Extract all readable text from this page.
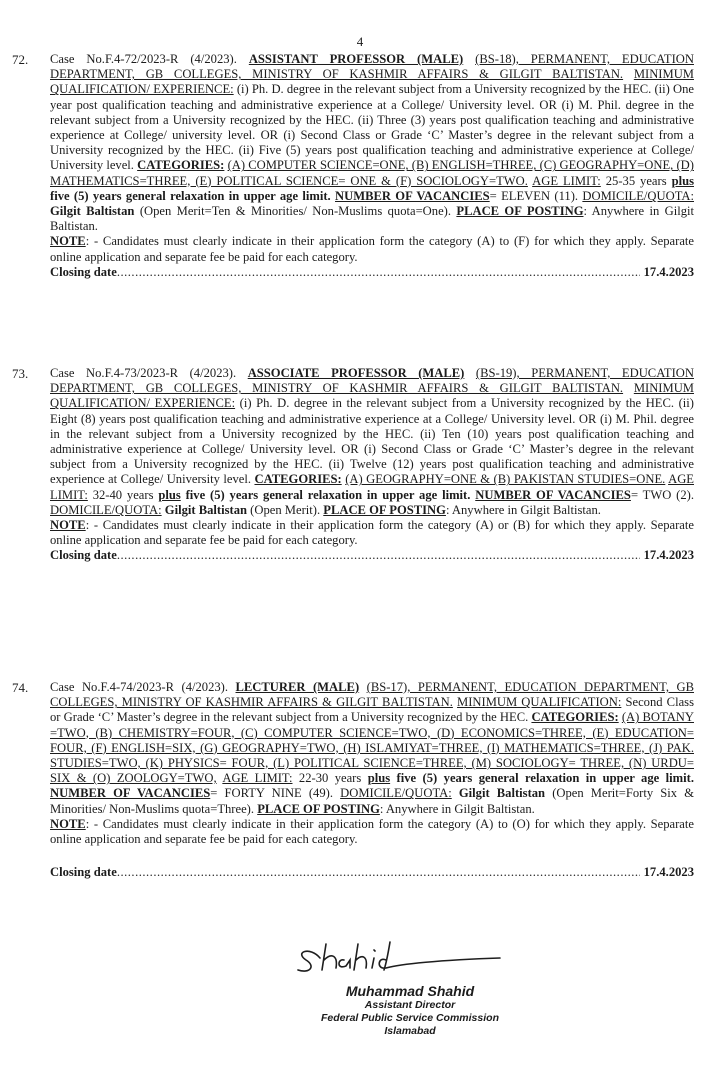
4
72. Case No.F.4-72/2023-R (4/2023). ASSISTANT PROFESSOR (MALE) (BS-18), PERMANENT, EDUCATION DEPARTMENT, GB COLLEGES, MINISTRY OF KASHMIR AFFAIRS & GILGIT BALTISTAN. MINIMUM QUALIFICATION/ EXPERIENCE: (i) Ph. D. degree in the relevant subject from a University recognized by the HEC. (ii) One year post qualification teaching and administrative experience at a College/ University level. OR (i) M. Phil. degree in the relevant subject from a University recognized by the HEC. (ii) Three (3) years post qualification teaching and administrative experience at College/ university level. OR (i) Second Class or Grade ‘C’ Master’s degree in the relevant subject from a University recognized by the HEC. (ii) Five (5) years post qualification teaching and administrative experience at College/ University level. CATEGORIES: (A) COMPUTER SCIENCE=ONE, (B) ENGLISH=THREE, (C) GEOGRAPHY=ONE, (D) MATHEMATICS=THREE, (E) POLITICAL SCIENCE= ONE & (F) SOCIOLOGY=TWO. AGE LIMIT: 25-35 years plus five (5) years general relaxation in upper age limit. NUMBER OF VACANCIES= ELEVEN (11). DOMICILE/QUOTA: Gilgit Baltistan (Open Merit=Ten & Minorities/ Non-Muslims quota=One). PLACE OF POSTING: Anywhere in Gilgit Baltistan.
NOTE: - Candidates must clearly indicate in their application form the category (A) to (F) for which they apply. Separate online application and separate fee be paid for each category.
Closing date .....	17.4.2023
73. Case No.F.4-73/2023-R (4/2023). ASSOCIATE PROFESSOR (MALE) (BS-19), PERMANENT, EDUCATION DEPARTMENT, GB COLLEGES, MINISTRY OF KASHMIR AFFAIRS & GILGIT BALTISTAN. MINIMUM QUALIFICATION/ EXPERIENCE: (i) Ph. D. degree in the relevant subject from a University recognized by the HEC. (ii) Eight (8) years post qualification teaching and administrative experience at a College/ University level. OR (i) M. Phil. degree in the relevant subject from a University recognized by the HEC. (ii) Ten (10) years post qualification teaching and administrative experience at College/ University level. OR (i) Second Class or Grade ‘C’ Master’s degree in the relevant subject from a University recognized by the HEC. (ii) Twelve (12) years post qualification teaching and administrative experience at College/ University level. CATEGORIES: (A) GEOGRAPHY=ONE & (B) PAKISTAN STUDIES=ONE. AGE LIMIT: 32-40 years plus five (5) years general relaxation in upper age limit. NUMBER OF VACANCIES= TWO (2). DOMICILE/QUOTA: Gilgit Baltistan (Open Merit). PLACE OF POSTING: Anywhere in Gilgit Baltistan.
NOTE: - Candidates must clearly indicate in their application form the category (A) or (B) for which they apply. Separate online application and separate fee be paid for each category.
Closing date .....	17.4.2023
74. Case No.F.4-74/2023-R (4/2023). LECTURER (MALE) (BS-17), PERMANENT, EDUCATION DEPARTMENT, GB COLLEGES, MINISTRY OF KASHMIR AFFAIRS & GILGIT BALTISTAN. MINIMUM QUALIFICATION: Second Class or Grade ‘C’ Master’s degree in the relevant subject from a University recognized by the HEC. CATEGORIES: (A) BOTANY =TWO, (B) CHEMISTRY=FOUR, (C) COMPUTER SCIENCE=TWO, (D) ECONOMICS=THREE, (E) EDUCATION= FOUR, (F) ENGLISH=SIX, (G) GEOGRAPHY=TWO, (H) ISLAMIYAT=THREE, (I) MATHEMATICS=THREE, (J) PAK. STUDIES=TWO, (K) PHYSICS= FOUR, (L) POLITICAL SCIENCE=THREE, (M) SOCIOLOGY= THREE, (N) URDU= SIX & (O) ZOOLOGY=TWO, AGE LIMIT: 22-30 years plus five (5) years general relaxation in upper age limit. NUMBER OF VACANCIES= FORTY NINE (49). DOMICILE/QUOTA: Gilgit Baltistan (Open Merit=Forty Six & Minorities/ Non-Muslims quota=Three). PLACE OF POSTING: Anywhere in Gilgit Baltistan.
NOTE: - Candidates must clearly indicate in their application form the category (A) to (O) for which they apply. Separate online application and separate fee be paid for each category.
Closing date .....	17.4.2023
Muhammad Shahid
Assistant Director
Federal Public Service Commission
Islamabad
